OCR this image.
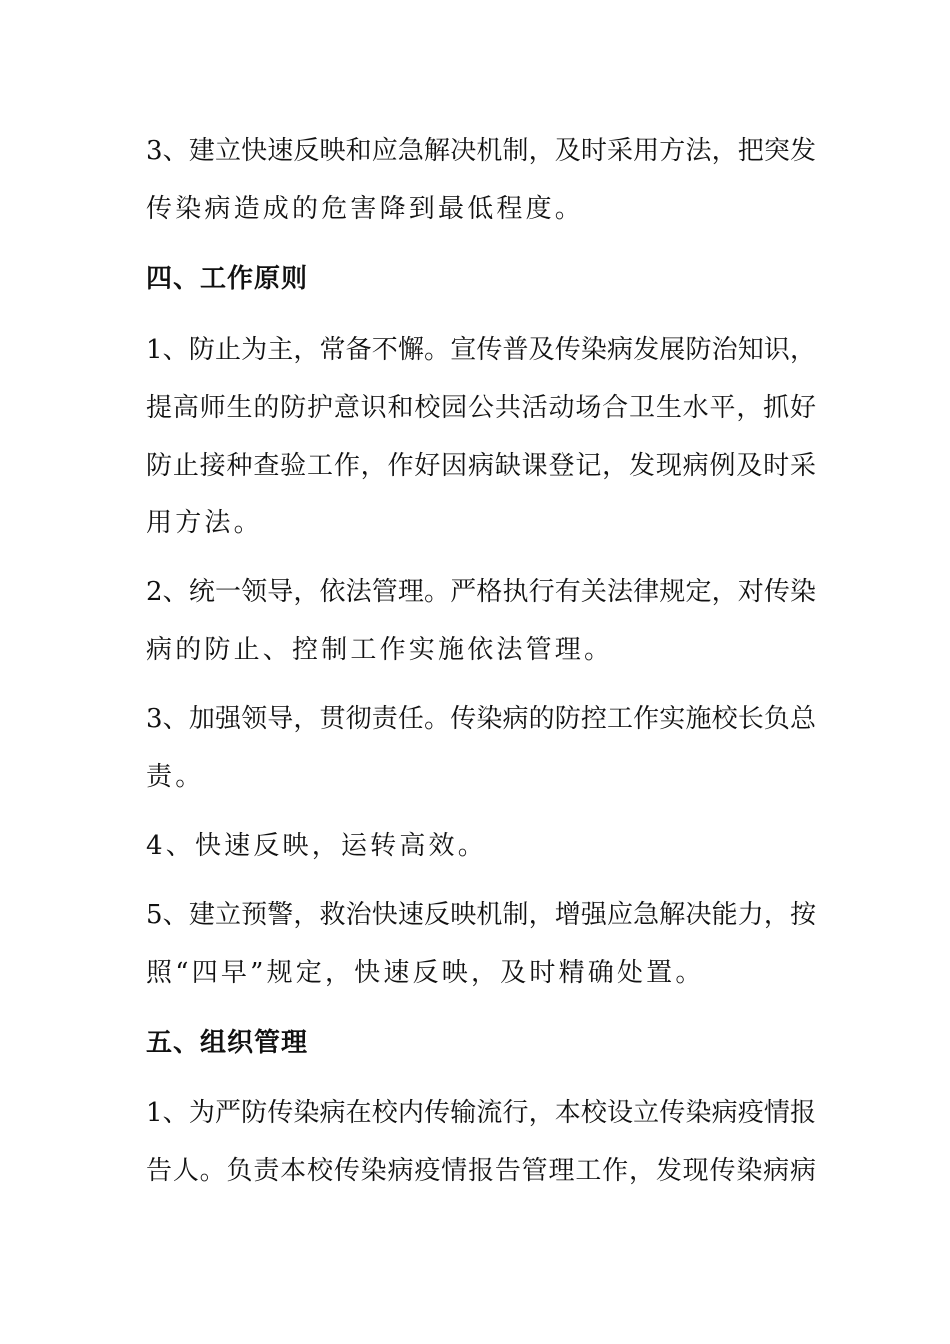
3、建立快速反映和应急解决机制，及时采用方法，把突发
传染病造成的危害降到最低程度。
四、工作原则
1、防止为主，常备不懈。宣传普及传染病发展防治知识，
提高师生的防护意识和校园公共活动场合卫生水平，抓好
防止接种查验工作，作好因病缺课登记，发现病例及时采
用方法。
2、统一领导，依法管理。严格执行有关法律规定，对传染
病的防止、控制工作实施依法管理。
3、加强领导，贯彻责任。传染病的防控工作实施校长负总
责。
4、快速反映，运转高效。
5、建立预警，救治快速反映机制，增强应急解决能力，按
照“四早”规定，快速反映，及时精确处置。
五、组织管理
1、为严防传染病在校内传输流行，本校设立传染病疫情报
告人。负责本校传染病疫情报告管理工作，发现传染病病
